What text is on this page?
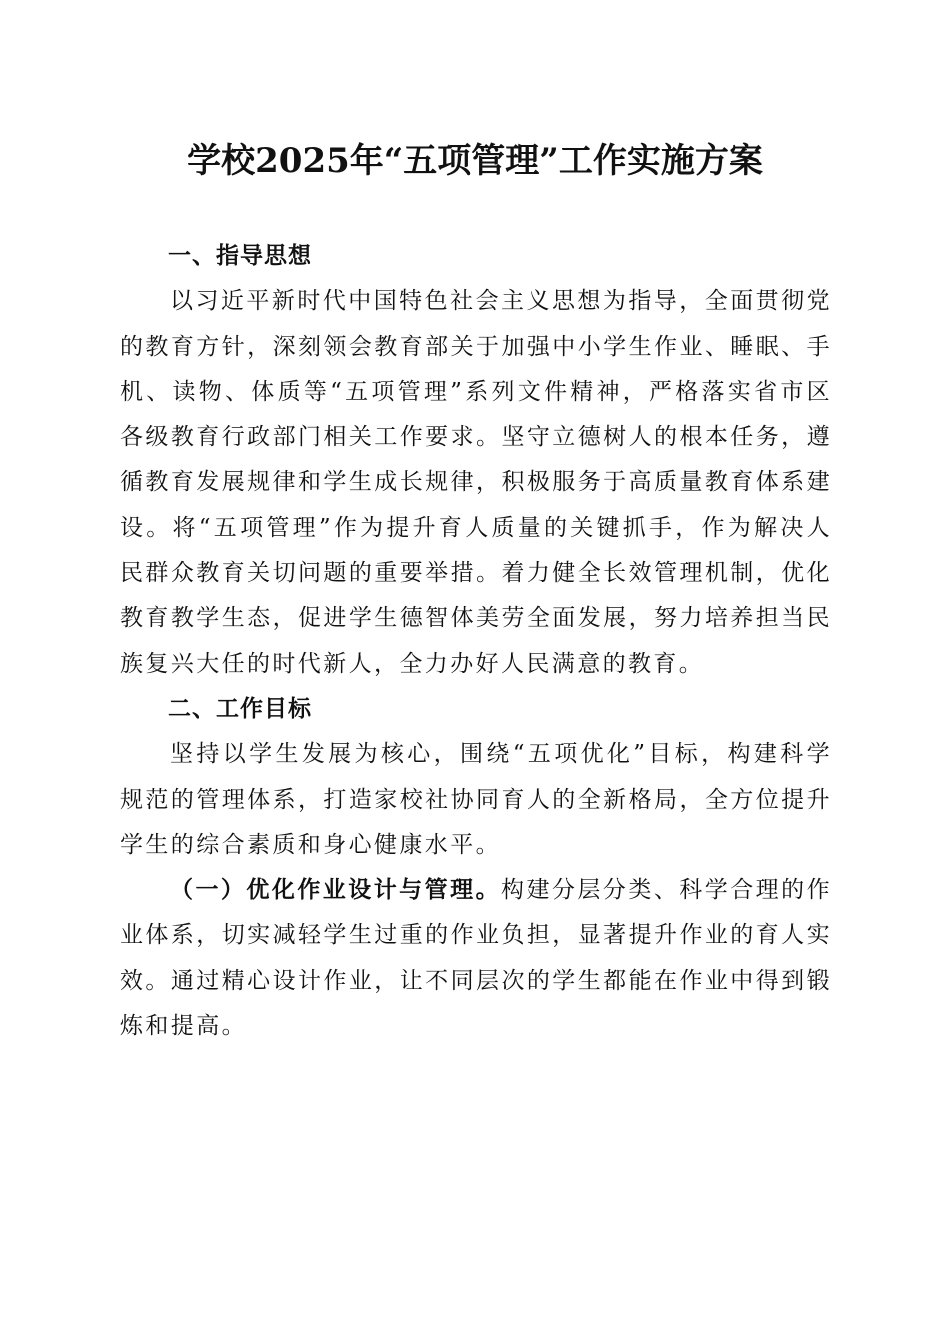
学校2025年“五项管理”工作实施方案

一、指导思想

以习近平新时代中国特色社会主义思想为指导，全面贯彻党的教育方针，深刻领会教育部关于加强中小学生作业、睡眠、手机、读物、体质等“五项管理”系列文件精神，严格落实省市区各级教育行政部门相关工作要求。坚守立德树人的根本任务，遵循教育发展规律和学生成长规律，积极服务于高质量教育体系建设。将“五项管理”作为提升育人质量的关键抓手，作为解决人民群众教育关切问题的重要举措。着力健全长效管理机制，优化教育教学生态，促进学生德智体美劳全面发展，努力培养担当民族复兴大任的时代新人，全力办好人民满意的教育。

二、工作目标

坚持以学生发展为核心，围绕“五项优化”目标，构建科学规范的管理体系，打造家校社协同育人的全新格局，全方位提升学生的综合素质和身心健康水平。

（一）优化作业设计与管理。构建分层分类、科学合理的作业体系，切实减轻学生过重的作业负担，显著提升作业的育人实效。通过精心设计作业，让不同层次的学生都能在作业中得到锻炼和提高。
